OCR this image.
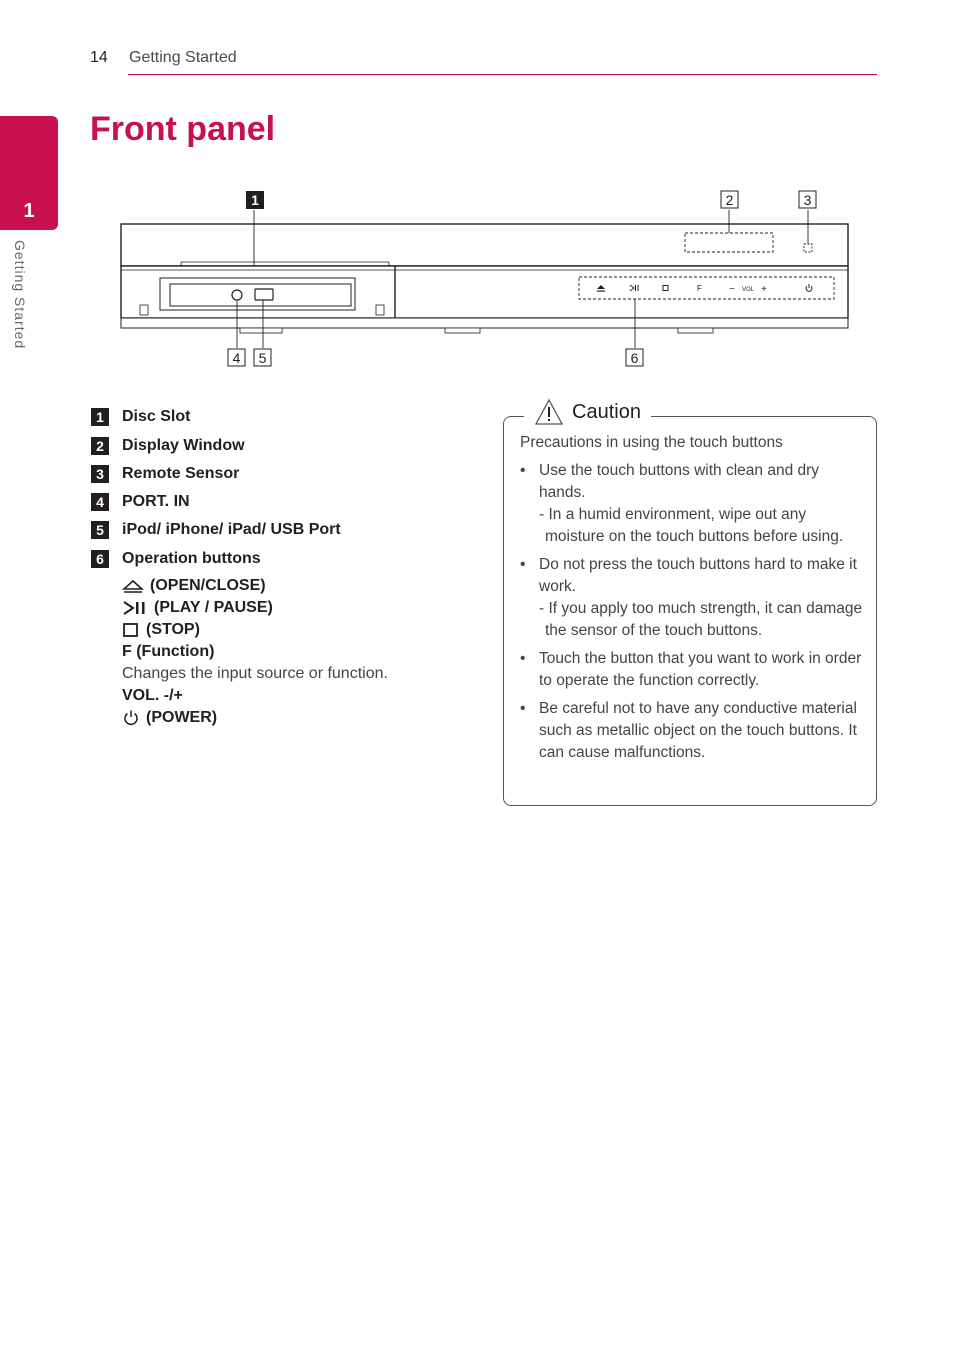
14 Getting Started
1
Getting Started
Front panel
F	− VOL +
1	2	3
4 5	6
1	Disc Slot
2	Display Window
3	Remote Sensor
4	PORT. IN
5	iPod/ iPhone/ iPad/ USB Port
6	Operation buttons
(OPEN/CLOSE)
(PLAY / PAUSE)
(STOP)
F (Function)
Changes the input source or function.
VOL. -/+
(POWER)
Caution
Precautions in using the touch buttons
• Use the touch buttons with clean and dry hands.
- In a humid environment, wipe out any moisture on the touch buttons before using.
• Do not press the touch buttons hard to make it work.
- If you apply too much strength, it can damage the sensor of the touch buttons.
• Touch the button that you want to work in order to operate the function correctly.
• Be careful not to have any conductive material such as metallic object on the touch buttons. It can cause malfunctions.
